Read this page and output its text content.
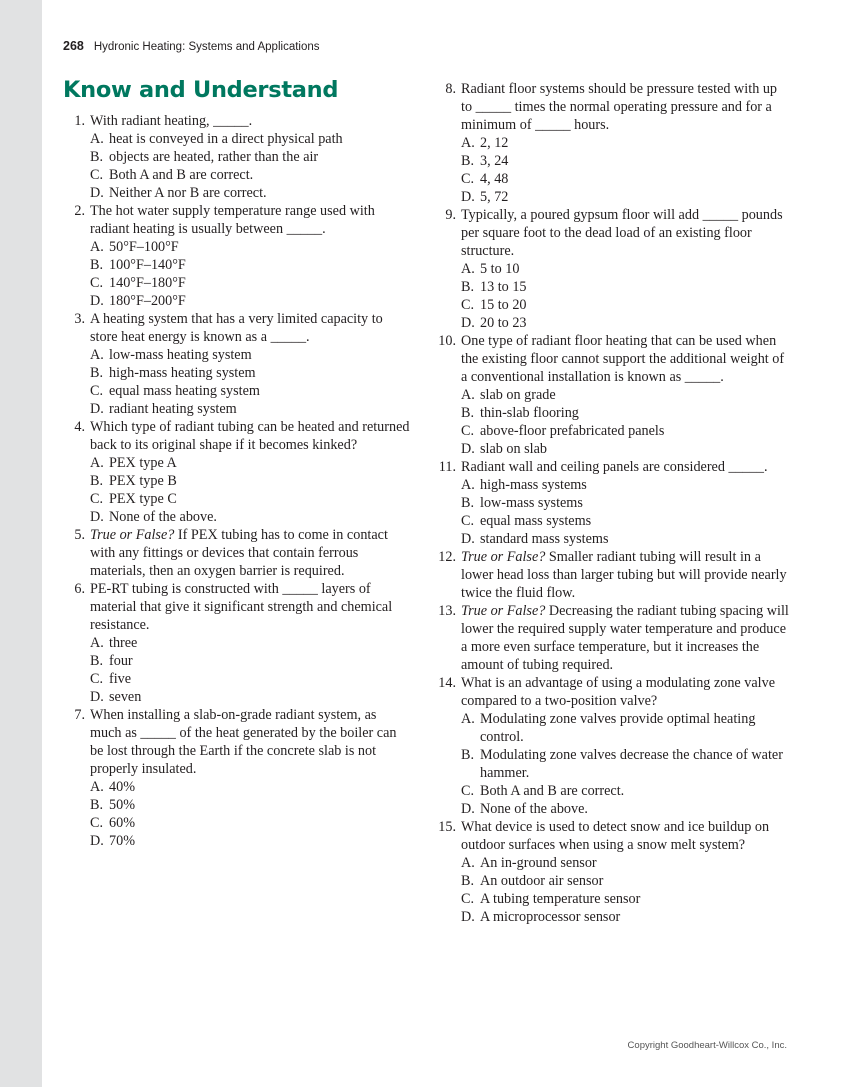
268 Hydronic Heating: Systems and Applications
Know and Understand
1. With radiant heating, _____.
A. heat is conveyed in a direct physical path
B. objects are heated, rather than the air
C. Both A and B are correct.
D. Neither A nor B are correct.
2. The hot water supply temperature range used with radiant heating is usually between _____.
A. 50°F–100°F
B. 100°F–140°F
C. 140°F–180°F
D. 180°F–200°F
3. A heating system that has a very limited capacity to store heat energy is known as a _____.
A. low-mass heating system
B. high-mass heating system
C. equal mass heating system
D. radiant heating system
4. Which type of radiant tubing can be heated and returned back to its original shape if it becomes kinked?
A. PEX type A
B. PEX type B
C. PEX type C
D. None of the above.
5. True or False? If PEX tubing has to come in contact with any fittings or devices that contain ferrous materials, then an oxygen barrier is required.
6. PE-RT tubing is constructed with _____ layers of material that give it significant strength and chemical resistance.
A. three
B. four
C. five
D. seven
7. When installing a slab-on-grade radiant system, as much as _____ of the heat generated by the boiler can be lost through the Earth if the concrete slab is not properly insulated.
A. 40%
B. 50%
C. 60%
D. 70%
8. Radiant floor systems should be pressure tested with up to _____ times the normal operating pressure and for a minimum of _____ hours.
A. 2, 12
B. 3, 24
C. 4, 48
D. 5, 72
9. Typically, a poured gypsum floor will add _____ pounds per square foot to the dead load of an existing floor structure.
A. 5 to 10
B. 13 to 15
C. 15 to 20
D. 20 to 23
10. One type of radiant floor heating that can be used when the existing floor cannot support the additional weight of a conventional installation is known as _____.
A. slab on grade
B. thin-slab flooring
C. above-floor prefabricated panels
D. slab on slab
11. Radiant wall and ceiling panels are considered _____.
A. high-mass systems
B. low-mass systems
C. equal mass systems
D. standard mass systems
12. True or False? Smaller radiant tubing will result in a lower head loss than larger tubing but will provide nearly twice the fluid flow.
13. True or False? Decreasing the radiant tubing spacing will lower the required supply water temperature and produce a more even surface temperature, but it increases the amount of tubing required.
14. What is an advantage of using a modulating zone valve compared to a two-position valve?
A. Modulating zone valves provide optimal heating control.
B. Modulating zone valves decrease the chance of water hammer.
C. Both A and B are correct.
D. None of the above.
15. What device is used to detect snow and ice buildup on outdoor surfaces when using a snow melt system?
A. An in-ground sensor
B. An outdoor air sensor
C. A tubing temperature sensor
D. A microprocessor sensor
Copyright Goodheart-Willcox Co., Inc.
